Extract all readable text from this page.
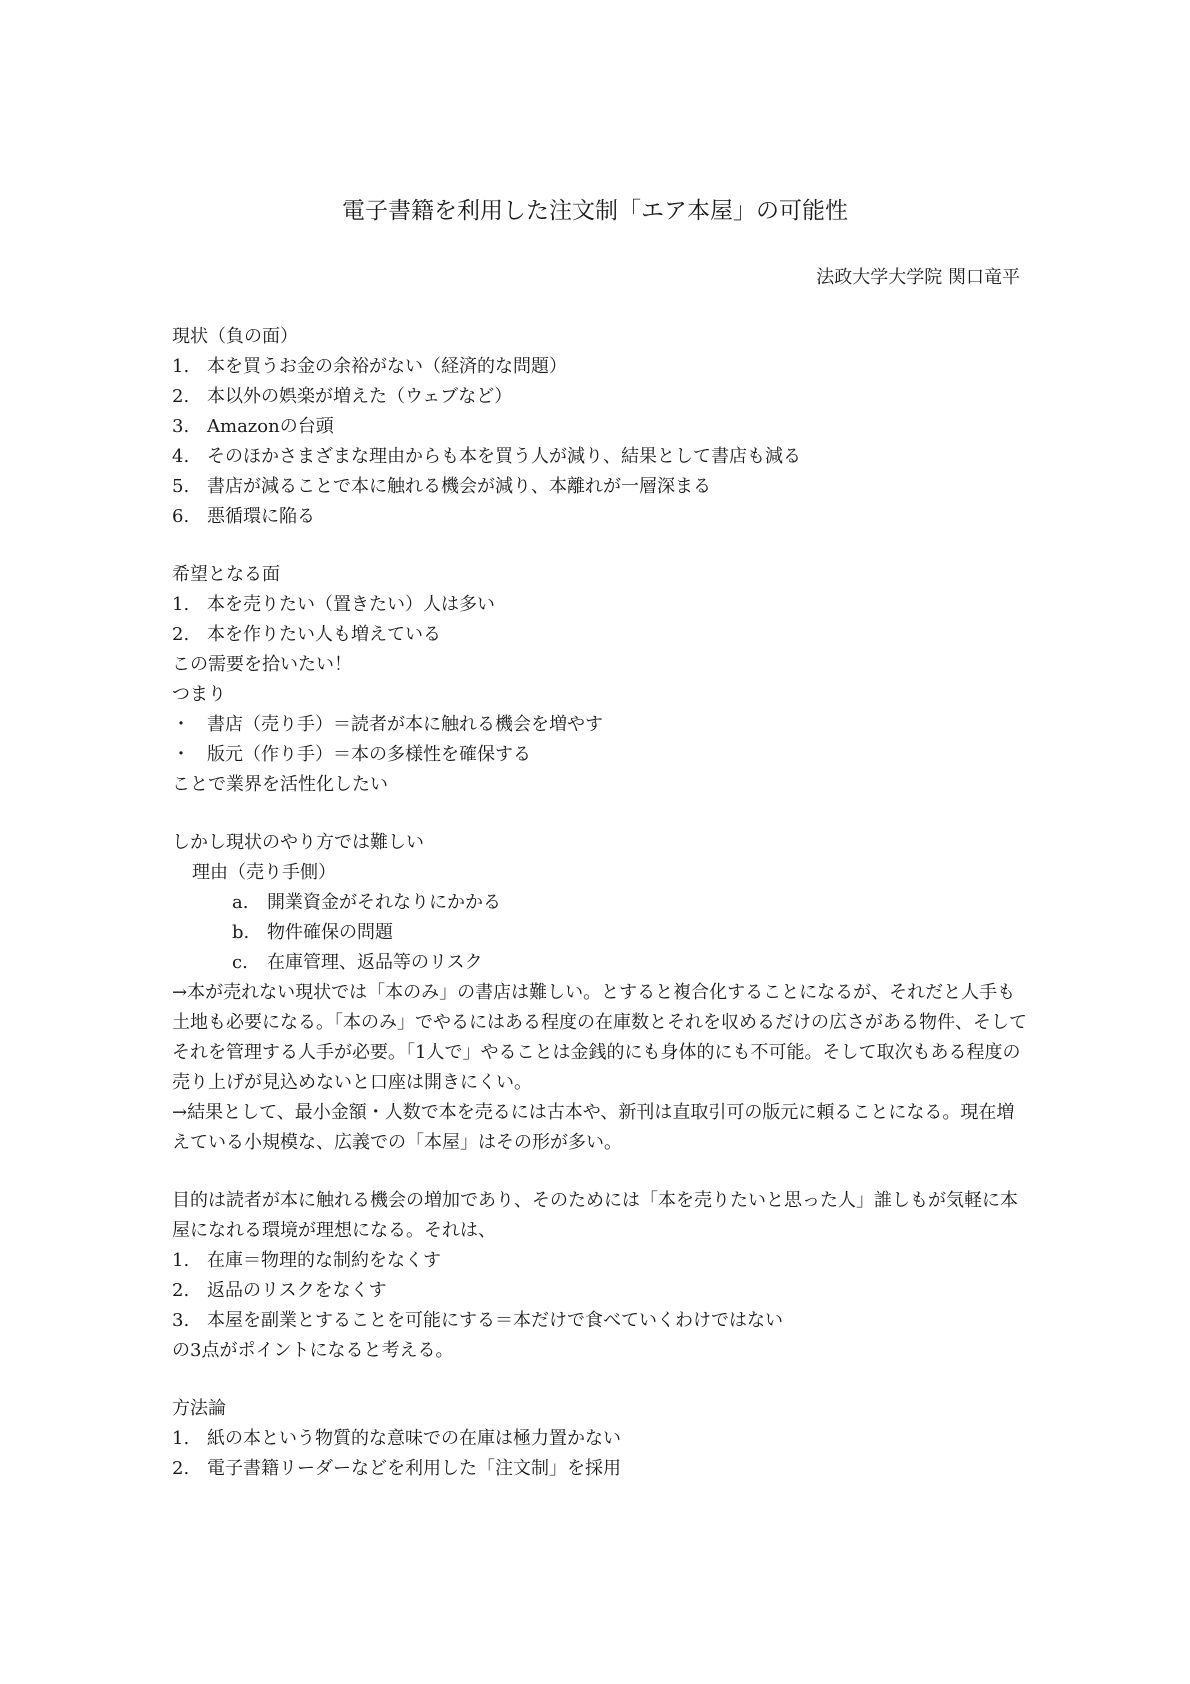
電子書籍を利用した注文制「エア本屋」の可能性
法政大学大学院 関口竜平
現状（負の面）
1. 本を買うお金の余裕がない（経済的な問題）
2. 本以外の娯楽が増えた（ウェブなど）
3. Amazonの台頭
4. そのほかさまざまな理由からも本を買う人が減り、結果として書店も減る
5. 書店が減ることで本に触れる機会が減り、本離れが一層深まる
6. 悪循環に陥る
希望となる面
1. 本を売りたい（置きたい）人は多い
2. 本を作りたい人も増えている
この需要を拾いたい！
つまり
・ 書店（売り手）＝読者が本に触れる機会を増やす
・ 版元（作り手）＝本の多様性を確保する
ことで業界を活性化したい
しかし現状のやり方では難しい
理由（売り手側）
a. 開業資金がそれなりにかかる
b. 物件確保の問題
c. 在庫管理、返品等のリスク
→本が売れない現状では「本のみ」の書店は難しい。とすると複合化することになるが、それだと人手も土地も必要になる。「本のみ」でやるにはある程度の在庫数とそれを収めるだけの広さがある物件、そしてそれを管理する人手が必要。「1人で」やることは金銭的にも身体的にも不可能。そして取次もある程度の売り上げが見込めないと口座は開きにくい。
→結果として、最小金額・人数で本を売るには古本や、新刊は直取引可の版元に頼ることになる。現在増えている小規模な、広義での「本屋」はその形が多い。
目的は読者が本に触れる機会の増加であり、そのためには「本を売りたいと思った人」誰しもが気軽に本屋になれる環境が理想になる。それは、
1. 在庫＝物理的な制約をなくす
2. 返品のリスクをなくす
3. 本屋を副業とすることを可能にする＝本だけで食べていくわけではない
の3点がポイントになると考える。
方法論
1. 紙の本という物質的な意味での在庫は極力置かない
2. 電子書籍リーダーなどを利用した「注文制」を採用
